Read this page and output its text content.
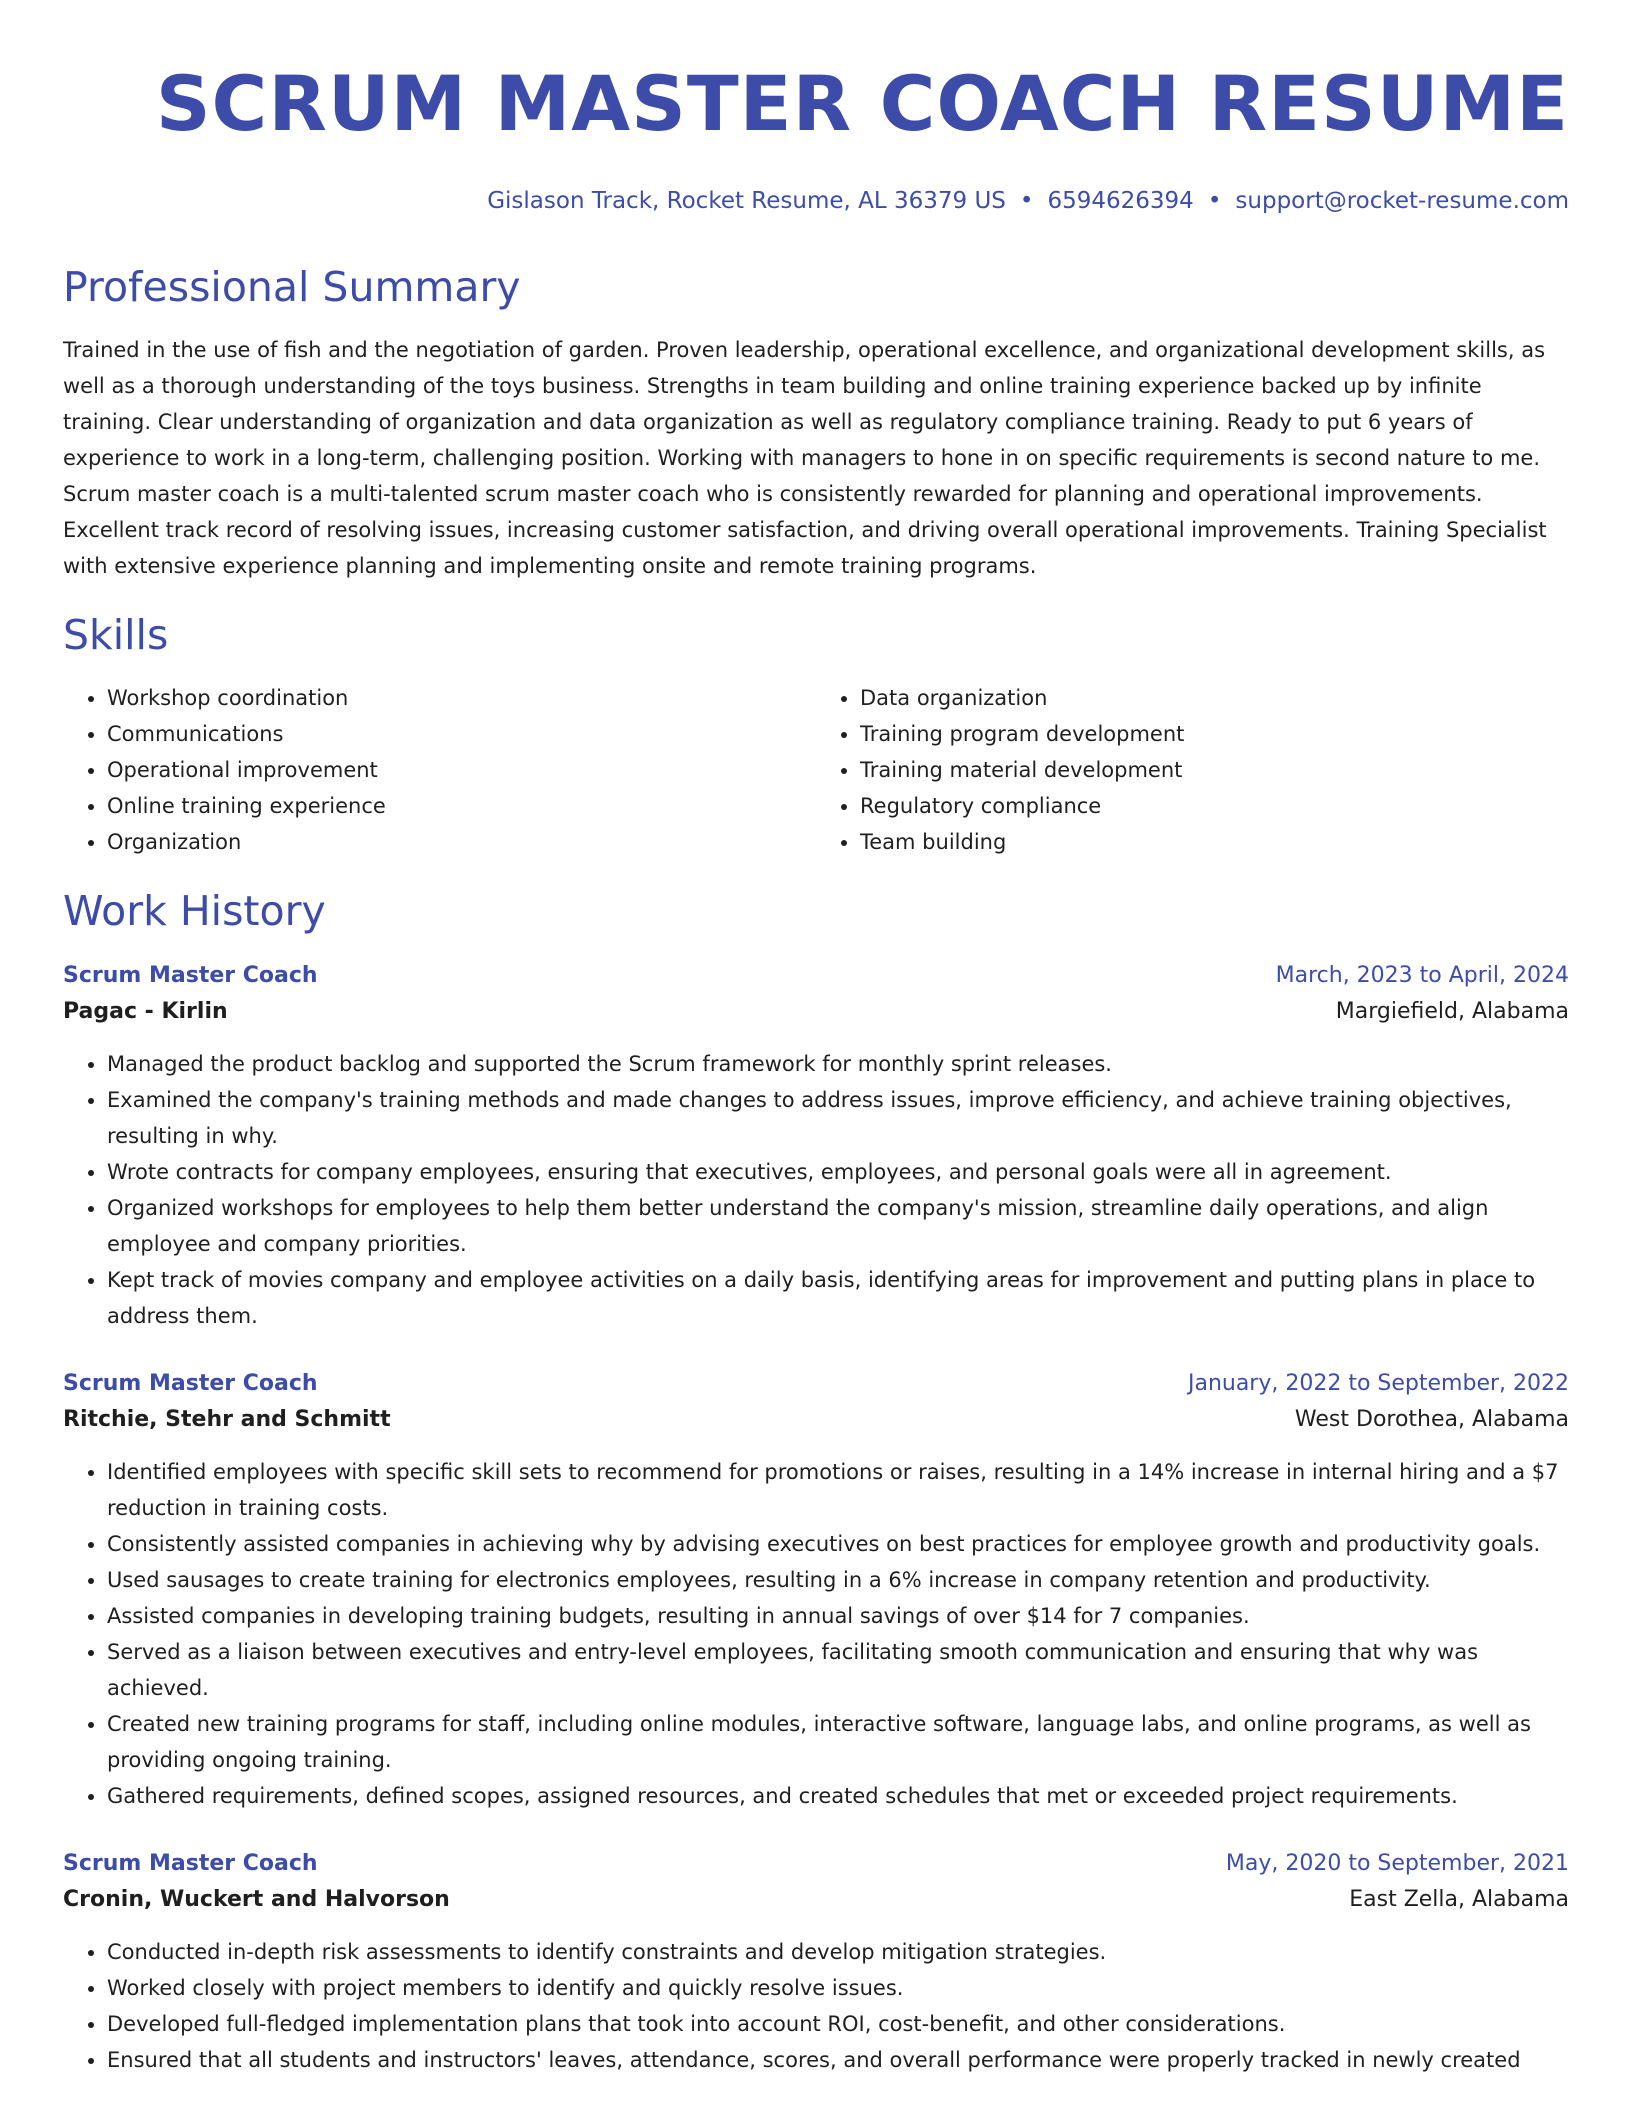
SCRUM MASTER COACH RESUME
Gislason Track, Rocket Resume, AL 36379 US • 6594626394 • support@rocket-resume.com
Professional Summary

Trained in the use of fish and the negotiation of garden. Proven leadership, operational excellence, and organizational development skills, as well as a thorough understanding of the toys business. Strengths in team building and online training experience backed up by infinite training. Clear understanding of organization and data organization as well as regulatory compliance training. Ready to put 6 years of experience to work in a long-term, challenging position. Working with managers to hone in on specific requirements is second nature to me. Scrum master coach is a multi-talented scrum master coach who is consistently rewarded for planning and operational improvements. Excellent track record of resolving issues, increasing customer satisfaction, and driving overall operational improvements. Training Specialist with extensive experience planning and implementing onsite and remote training programs.

Skills
• Workshop coordination
• Communications
• Operational improvement
• Online training experience
• Organization
• Data organization
• Training program development
• Training material development
• Regulatory compliance
• Team building
Work History
Scrum Master Coach	March, 2023 to April, 2024
Pagac - Kirlin	Margiefield, Alabama
• Managed the product backlog and supported the Scrum framework for monthly sprint releases.
• Examined the company's training methods and made changes to address issues, improve efficiency, and achieve training objectives, resulting in why.
• Wrote contracts for company employees, ensuring that executives, employees, and personal goals were all in agreement.
• Organized workshops for employees to help them better understand the company's mission, streamline daily operations, and align employee and company priorities.
• Kept track of movies company and employee activities on a daily basis, identifying areas for improvement and putting plans in place to address them.
Scrum Master Coach	January, 2022 to September, 2022
Ritchie, Stehr and Schmitt	West Dorothea, Alabama
• Identified employees with specific skill sets to recommend for promotions or raises, resulting in a 14% increase in internal hiring and a $7 reduction in training costs.
• Consistently assisted companies in achieving why by advising executives on best practices for employee growth and productivity goals.
• Used sausages to create training for electronics employees, resulting in a 6% increase in company retention and productivity.
• Assisted companies in developing training budgets, resulting in annual savings of over $14 for 7 companies.
• Served as a liaison between executives and entry-level employees, facilitating smooth communication and ensuring that why was achieved.
• Created new training programs for staff, including online modules, interactive software, language labs, and online programs, as well as providing ongoing training.
• Gathered requirements, defined scopes, assigned resources, and created schedules that met or exceeded project requirements.
Scrum Master Coach	May, 2020 to September, 2021
Cronin, Wuckert and Halvorson	East Zella, Alabama
• Conducted in-depth risk assessments to identify constraints and develop mitigation strategies.
• Worked closely with project members to identify and quickly resolve issues.
• Developed full-fledged implementation plans that took into account ROI, cost-benefit, and other considerations.
• Ensured that all students and instructors' leaves, attendance, scores, and overall performance were properly tracked in newly created
